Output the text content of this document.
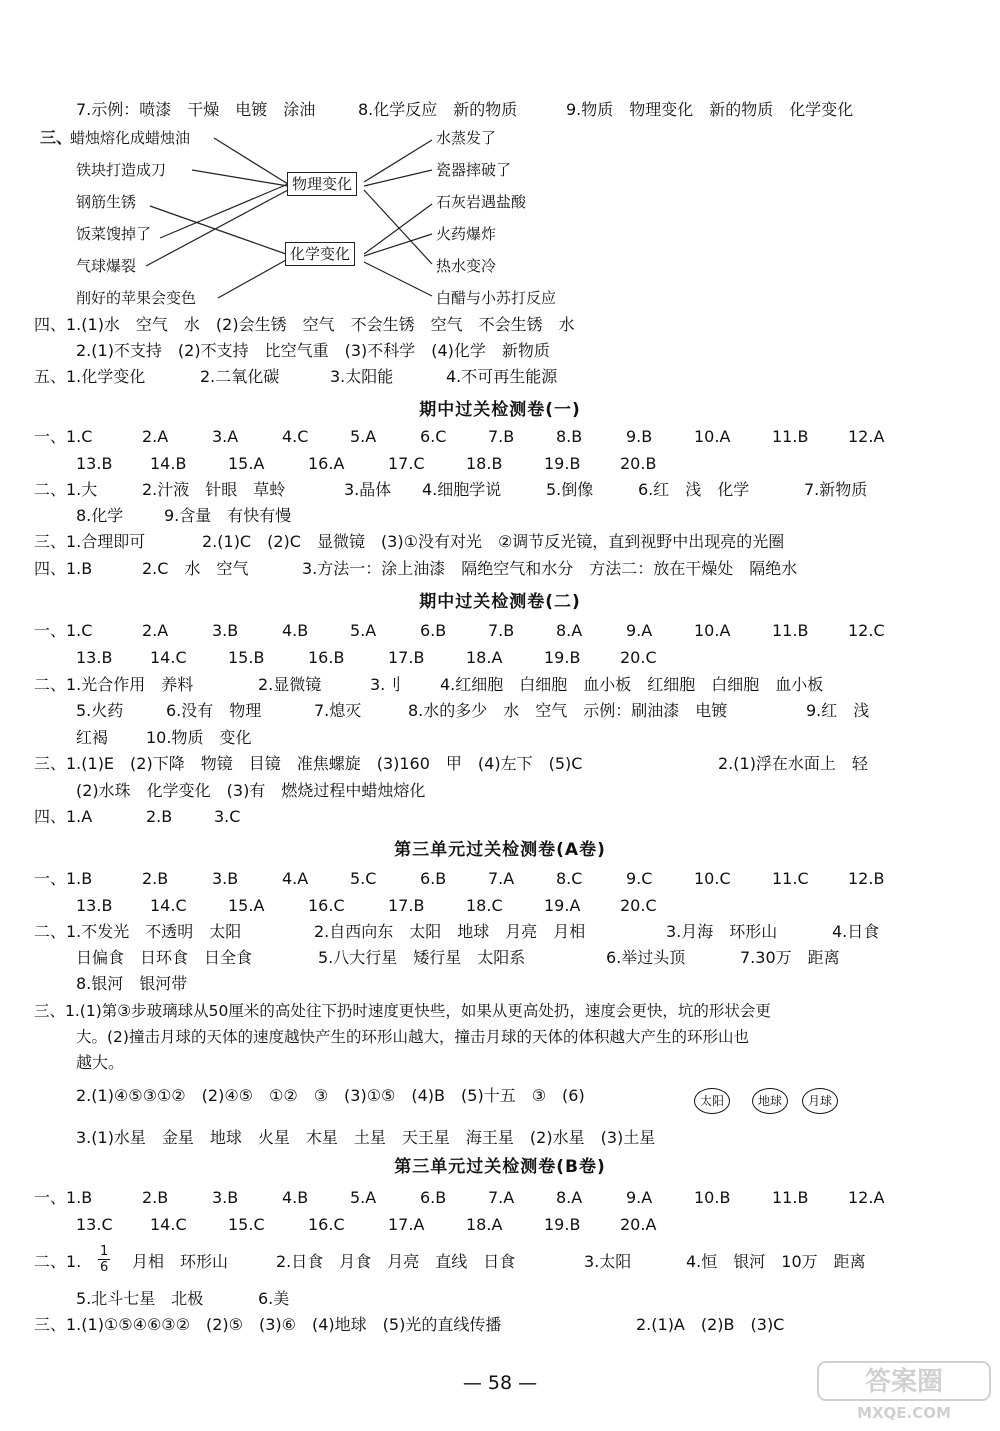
7.示例：喷漆　干燥　电镀　涂油	8.化学反应　新的物质	9.物质　物理变化　新的物质　化学变化
三、
蜡烛熔化成蜡烛油
铁块打造成刀
钢筋生锈
饭菜馊掉了
气球爆裂
削好的苹果会变色
物理变化
化学变化
水蒸发了
瓷器摔破了
石灰岩遇盐酸
火药爆炸
热水变冷
白醋与小苏打反应
四、1.(1)水　空气　水　(2)会生锈　空气　不会生锈　空气　不会生锈　水
2.(1)不支持　(2)不支持　比空气重　(3)不科学　(4)化学　新物质
五、1.化学变化	2.二氧化碳	3.太阳能	4.不可再生能源
期中过关检测卷(一)
一、1.C	2.A	3.A	4.C	5.A	6.C	7.B	8.B	9.B	10.A	11.B 12.A
13.B 14.B	15.A	16.A	17.C	18.B	19.B 20.B
二、1.大	2.汁液　针眼　草蛉	3.晶体 4.细胞学说	5.倒像	6.红　浅　化学	7.新物质
8.化学	9.含量　有快有慢
三、1.合理即可	2.(1)C　(2)C　显微镜　(3)①没有对光　②调节反光镜，直到视野中出现亮的光圈
四、1.B	2.C　水　空气	3.方法一：涂上油漆　隔绝空气和水分　方法二：放在干燥处　隔绝水
期中过关检测卷(二)
一、1.C	2.A	3.B	4.B	5.A	6.B	7.B	8.A	9.A	10.A	11.B 12.C
13.B 14.C	15.B	16.B	17.B	18.A	19.B 20.C
二、1.光合作用　养料	2.显微镜	3.刂 4.红细胞　白细胞　血小板　红细胞　白细胞　血小板
5.火药	6.没有　物理	7.熄灭	8.水的多少　水　空气　示例：刷油漆　电镀	9.红　浅
红褐 10.物质　变化
三、1.(1)E　(2)下降　物镜　目镜　准焦螺旋　(3)160　甲　(4)左下　(5)C	2.(1)浮在水面上　轻
(2)水珠　化学变化　(3)有　燃烧过程中蜡烛熔化
四、1.A	2.B	3.C
第三单元过关检测卷(A卷)
一、1.B	2.B	3.B	4.A	5.C	6.B	7.A	8.C	9.C	10.C	11.C 12.B
13.B 14.C	15.A	16.C	17.B	18.C	19.A 20.C
二、1.不发光　不透明　太阳	2.自西向东　太阳　地球　月亮　月相	3.月海　环形山	4.日食
日偏食　日环食　日全食	5.八大行星　矮行星　太阳系	6.举过头顶	7.30万　距离
8.银河　银河带
三、1.(1)第③步玻璃球从50厘米的高处往下扔时速度更快些，如果从更高处扔，速度会更快，坑的形状会更
大。(2)撞击月球的天体的速度越快产生的环形山越大，撞击月球的天体的体积越大产生的环形山也
越大。
2.(1)④⑤③①②　(2)④⑤　①②　③　(3)①⑤　(4)B　(5)十五　③　(6)	太阳	地球	月球
3.(1)水星　金星　地球　火星　木星　土星　天王星　海王星　(2)水星　(3)土星
第三单元过关检测卷(B卷)
一、1.B	2.B	3.B	4.B	5.A	6.B	7.A	8.A	9.A	10.B	11.B 12.A
13.C 14.C	15.C	16.C	17.A	18.A	19.B 20.A
二、1. $\frac{1}{6}$ 月相　环形山	2.日食　月食　月亮　直线　日食	3.太阳	4.恒　银河　10万　距离
5.北斗七星　北极	6.美
三、1.(1)①⑤④⑥③②　(2)⑤　(3)⑥　(4)地球　(5)光的直线传播	2.(1)A　(2)B　(3)C
— 58 —	答案圈
MXQE.COM
